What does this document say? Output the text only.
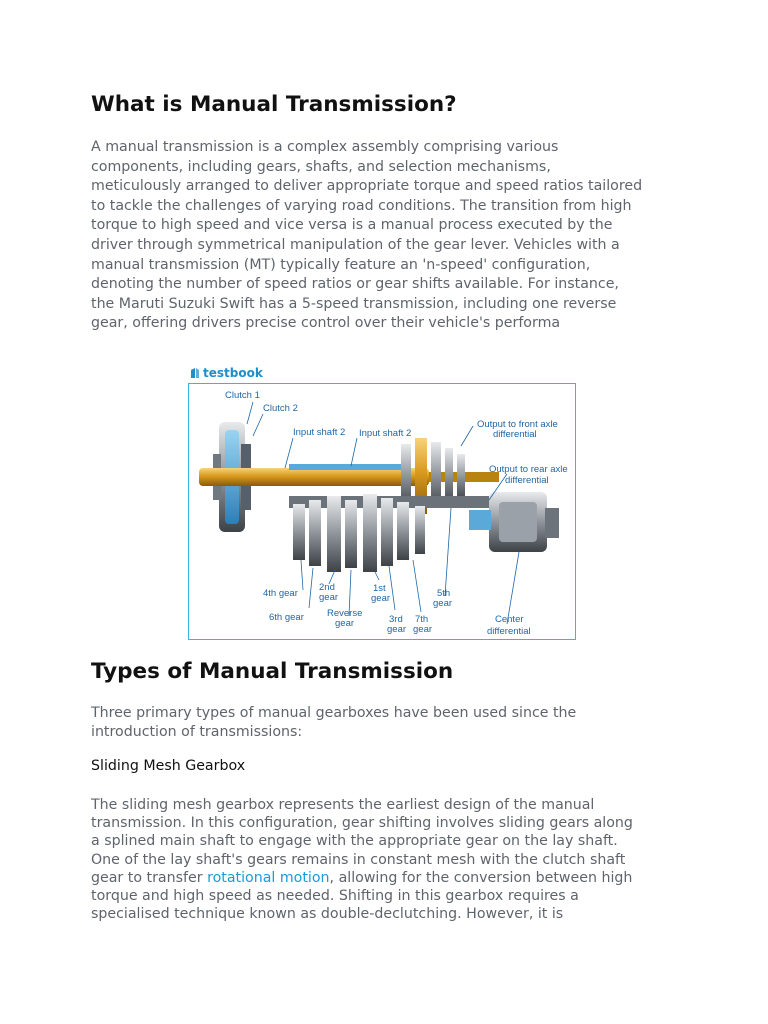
What is Manual Transmission?

A manual transmission is a complex assembly comprising various
components, including gears, shafts, and selection mechanisms,
meticulously arranged to deliver appropriate torque and speed ratios tailored
to tackle the challenges of varying road conditions. The transition from high
torque to high speed and vice versa is a manual process executed by the
driver through symmetrical manipulation of the gear lever. Vehicles with a
manual transmission (MT) typically feature an 'n-speed' configuration,
denoting the number of speed ratios or gear shifts available. For instance,
the Maruti Suzuki Swift has a 5-speed transmission, including one reverse
gear, offering drivers precise control over their vehicle's performa

testbook
Clutch 1
Clutch 2
Input shaft 2 Input shaft 2
Output to front axle
differential
Output to rear axle
differential
4th gear
6th gear
2nd
gear
Reverse
gear
1st
gear
3rd
gear
7th
gear
5th
gear
Center
differential
Types of Manual Transmission

Three primary types of manual gearboxes have been used since the
introduction of transmissions:

Sliding Mesh Gearbox

The sliding mesh gearbox represents the earliest design of the manual
transmission. In this configuration, gear shifting involves sliding gears along
a splined main shaft to engage with the appropriate gear on the lay shaft.
One of the lay shaft's gears remains in constant mesh with the clutch shaft
gear to transfer rotational motion, allowing for the conversion between high
torque and high speed as needed. Shifting in this gearbox requires a
specialised technique known as double-declutching. However, it is
